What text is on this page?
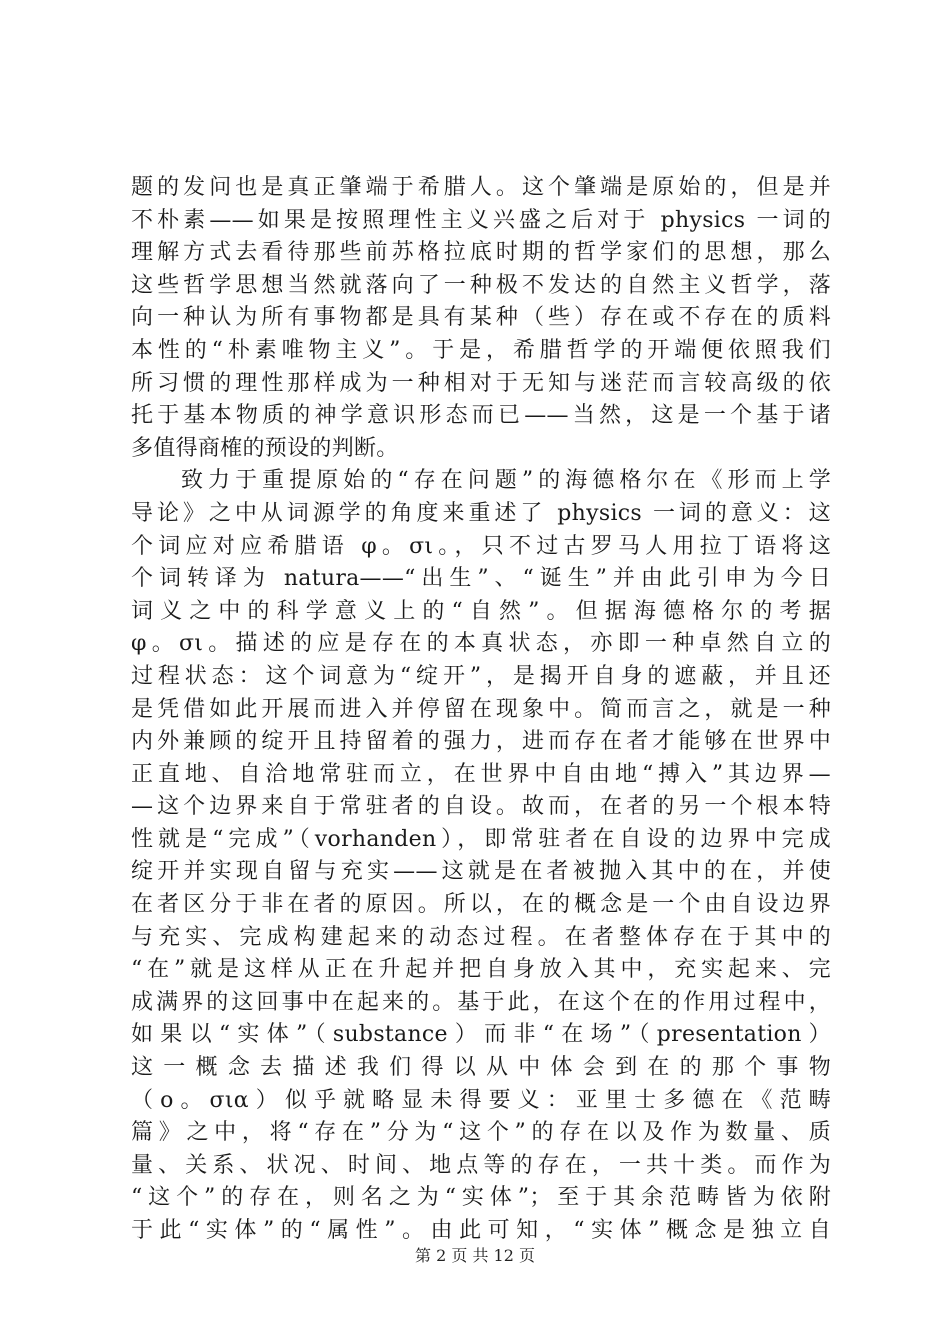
题的发问也是真正肇端于希腊人。这个肇端是原始的，但是并
不朴素——如果是按照理性主义兴盛之后对于 physics 一词的
理解方式去看待那些前苏格拉底时期的哲学家们的思想，那么
这些哲学思想当然就落向了一种极不发达的自然主义哲学，落
向一种认为所有事物都是具有某种（些）存在或不存在的质料
本性的“朴素唯物主义”。于是，希腊哲学的开端便依照我们
所习惯的理性那样成为一种相对于无知与迷茫而言较高级的依
托于基本物质的神学意识形态而已——当然，这是一个基于诸
多值得商榷的预设的判断。
致力于重提原始的“存在问题”的海德格尔在《形而上学
导论》之中从词源学的角度来重述了 physics 一词的意义：这
个词应对应希腊语 φ。σι。，只不过古罗马人用拉丁语将这
个词转译为 natura——“出生”、“诞生”并由此引申为今日
词义之中的科学意义上的“自然”。但据海德格尔的考据
φ。σι。描述的应是存在的本真状态，亦即一种卓然自立的
过程状态：这个词意为“绽开”，是揭开自身的遮蔽，并且还
是凭借如此开展而进入并停留在现象中。简而言之，就是一种
内外兼顾的绽开且持留着的强力，进而存在者才能够在世界中
正直地、自洽地常驻而立，在世界中自由地“搏入”其边界—
—这个边界来自于常驻者的自设。故而，在者的另一个根本特
性就是“完成”（vorhanden），即常驻者在自设的边界中完成
绽开并实现自留与充实——这就是在者被抛入其中的在，并使
在者区分于非在者的原因。所以，在的概念是一个由自设边界
与充实、完成构建起来的动态过程。在者整体存在于其中的
“在”就是这样从正在升起并把自身放入其中，充实起来、完
成满界的这回事中在起来的。基于此，在这个在的作用过程中，
如果以“实体”（substance）而非“在场”（presentation）
这一概念去描述我们得以从中体会到在的那个事物
（ο。σια）似乎就略显未得要义：亚里士多德在《范畴
篇》之中，将“存在”分为“这个”的存在以及作为数量、质
量、关系、状况、时间、地点等的存在，一共十类。而作为
“这个”的存在，则名之为“实体”；至于其余范畴皆为依附
于此“实体”的“属性”。由此可知，“实体”概念是独立自
第 2 页 共 12 页
